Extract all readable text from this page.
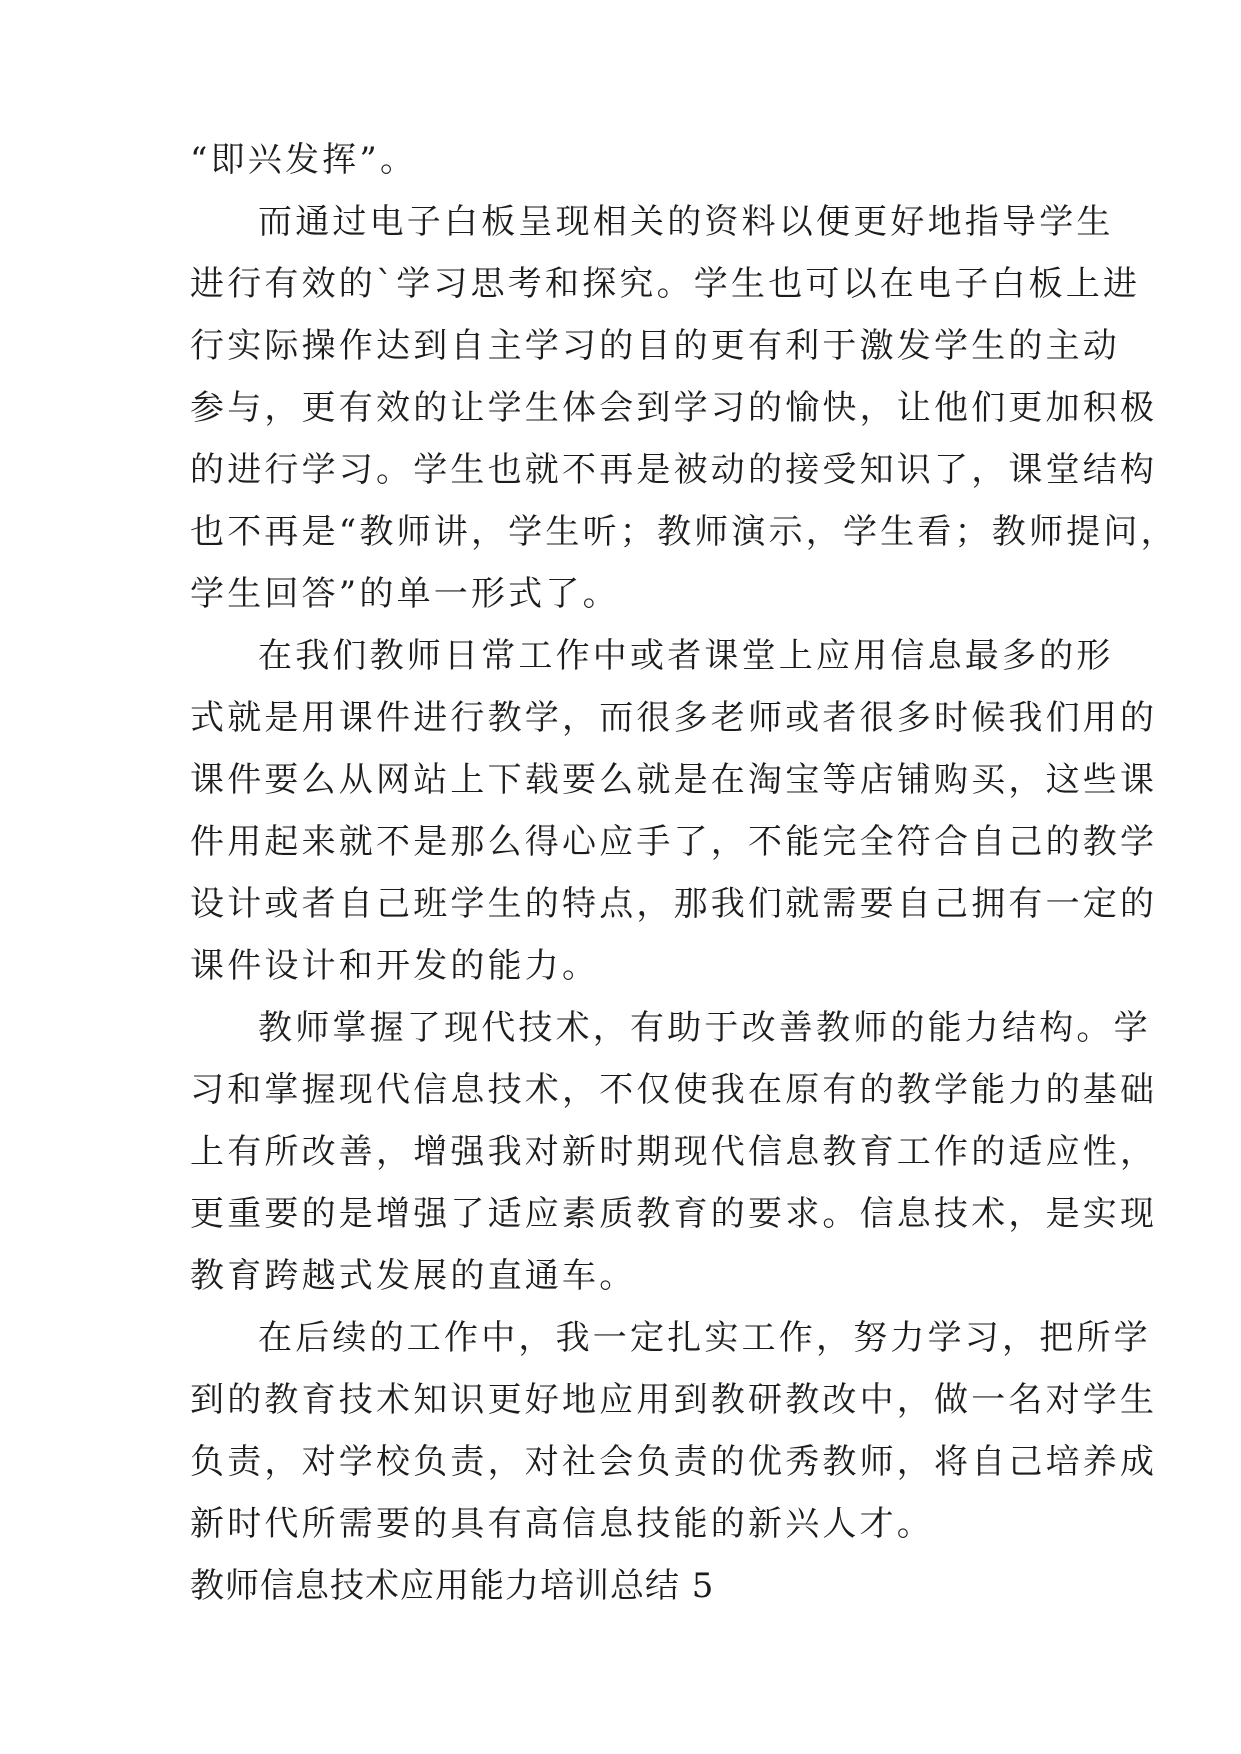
“即兴发挥”。
而通过电子白板呈现相关的资料以便更好地指导学生
进行有效的`学习思考和探究。学生也可以在电子白板上进
行实际操作达到自主学习的目的更有利于激发学生的主动
参与，更有效的让学生体会到学习的愉快，让他们更加积极
的进行学习。学生也就不再是被动的接受知识了，课堂结构
也不再是“教师讲，学生听；教师演示，学生看；教师提问，
学生回答”的单一形式了。
在我们教师日常工作中或者课堂上应用信息最多的形
式就是用课件进行教学，而很多老师或者很多时候我们用的
课件要么从网站上下载要么就是在淘宝等店铺购买，这些课
件用起来就不是那么得心应手了，不能完全符合自己的教学
设计或者自己班学生的特点，那我们就需要自己拥有一定的
课件设计和开发的能力。
教师掌握了现代技术，有助于改善教师的能力结构。学
习和掌握现代信息技术，不仅使我在原有的教学能力的基础
上有所改善，增强我对新时期现代信息教育工作的适应性，
更重要的是增强了适应素质教育的要求。信息技术，是实现
教育跨越式发展的直通车。
在后续的工作中，我一定扎实工作，努力学习，把所学
到的教育技术知识更好地应用到教研教改中，做一名对学生
负责，对学校负责，对社会负责的优秀教师，将自己培养成
新时代所需要的具有高信息技能的新兴人才。
教师信息技术应用能力培训总结 5
